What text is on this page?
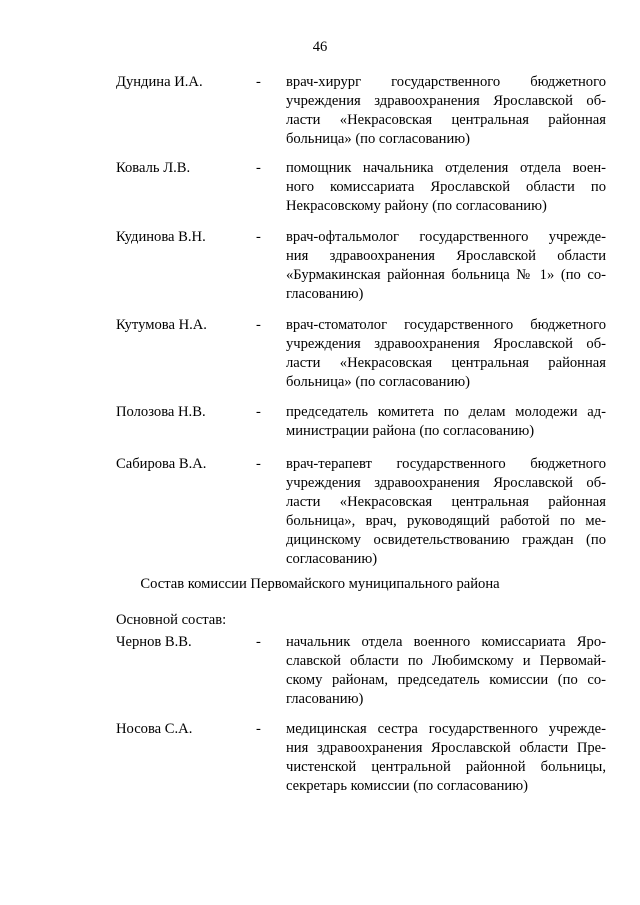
46
Дундина И.А.	- врач-хирург государственного бюджетного
учреждения здравоохранения Ярославской об-
ласти «Некрасовская центральная районная
больница» (по согласованию)
Коваль Л.В.	- помощник начальника отделения отдела воен-
ного комиссариата Ярославской области по
Некрасовскому району (по согласованию)
Кудинова В.Н.	- врач-офтальмолог государственного учрежде-
ния здравоохранения Ярославской области
«Бурмакинская районная больница № 1» (по со-
гласованию)
Кутумова Н.А.	- врач-стоматолог государственного бюджетного
учреждения здравоохранения Ярославской об-
ласти «Некрасовская центральная районная
больница» (по согласованию)
Полозова Н.В.	- председатель комитета по делам молодежи ад-
министрации района (по согласованию)
Сабирова В.А.	- врач-терапевт государственного бюджетного
учреждения здравоохранения Ярославской об-
ласти «Некрасовская центральная районная
больница», врач, руководящий работой по ме-
дицинскому освидетельствованию граждан (по
согласованию)
Состав комиссии Первомайского муниципального района
Основной состав:
Чернов В.В.	- начальник отдела военного комиссариата Яро-
славской области по Любимскому и Первомай-
скому районам, председатель комиссии (по со-
гласованию)
Носова С.А.	- медицинская сестра государственного учрежде-
ния здравоохранения Ярославской области Пре-
чистенской центральной районной больницы,
секретарь комиссии (по согласованию)
